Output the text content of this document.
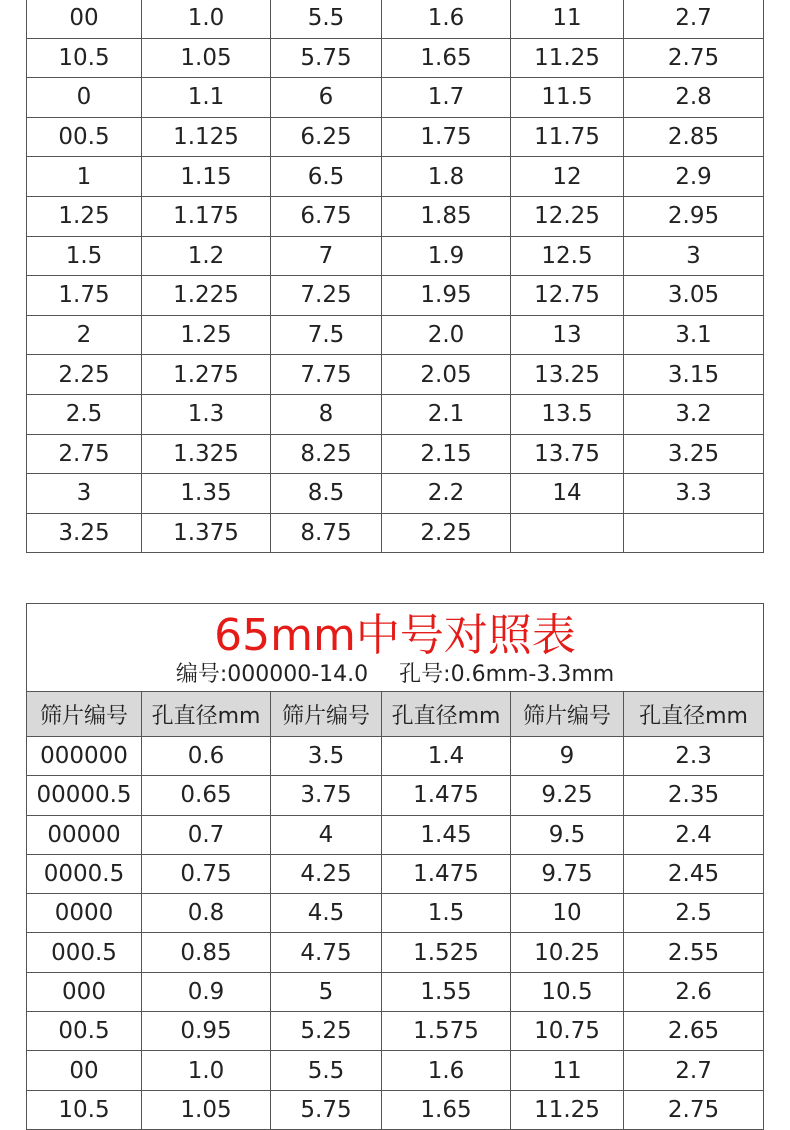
00	1.0	5.5	1.6	11	2.7
10.5	1.05	5.75	1.65	11.25	2.75
0	1.1	6	1.7	11.5	2.8
00.5	1.125	6.25	1.75	11.75	2.85
1	1.15	6.5	1.8	12	2.9
1.25	1.175	6.75	1.85	12.25	2.95
1.5	1.2	7	1.9	12.5	3
1.75	1.225	7.25	1.95	12.75	3.05
2	1.25	7.5	2.0	13	3.1
2.25	1.275	7.75	2.05	13.25	3.15
2.5	1.3	8	2.1	13.5	3.2
2.75	1.325	8.25	2.15	13.75	3.25
3	1.35	8.5	2.2	14	3.3
3.25	1.375	8.75	2.25		
65mm中号对照表
编号:000000-14.0 孔号:0.6mm-3.3mm					

筛片编号	孔直径mm	筛片编号	孔直径mm	筛片编号	孔直径mm
000000	0.6	3.5	1.4	9	2.3
00000.5	0.65	3.75	1.475	9.25	2.35
00000	0.7	4	1.45	9.5	2.4
0000.5	0.75	4.25	1.475	9.75	2.45
0000	0.8	4.5	1.5	10	2.5
000.5	0.85	4.75	1.525	10.25	2.55
000	0.9	5	1.55	10.5	2.6
00.5	0.95	5.25	1.575	10.75	2.65
00	1.0	5.5	1.6	11	2.7
10.5	1.05	5.75	1.65	11.25	2.75
